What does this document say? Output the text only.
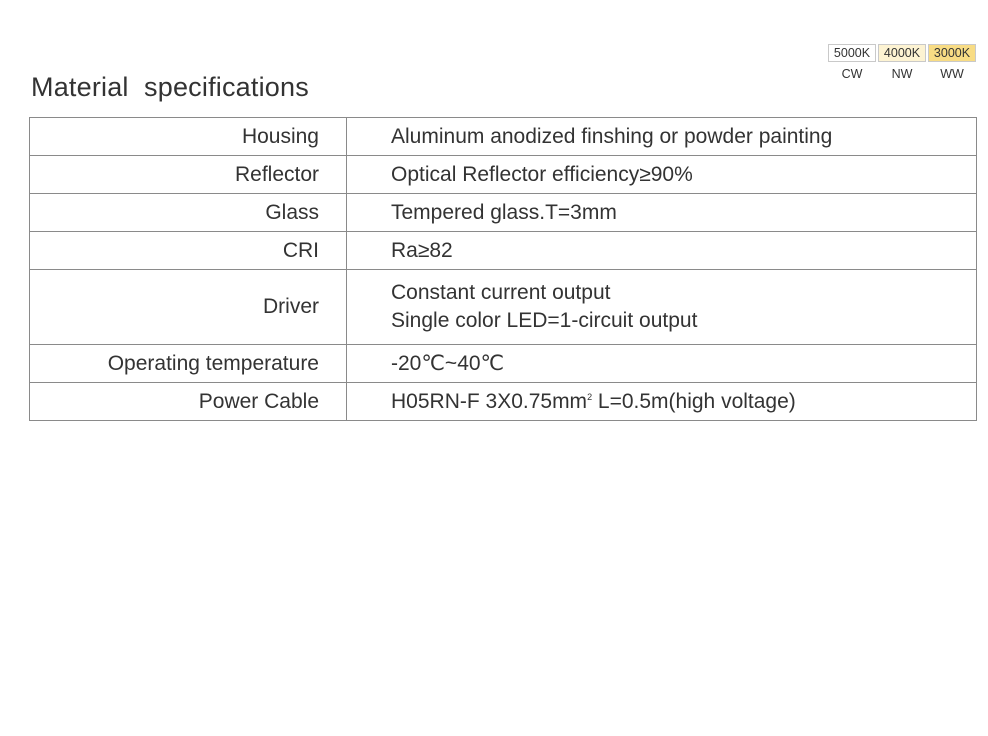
Material  specifications
5000K	4000K	3000K
CW	NW	WW
Housing	Aluminum anodized finshing or powder painting
Reflector	Optical Reflector efficiency≥90%
Glass	Tempered glass.T=3mm
CRI	Ra≥82
Driver	Constant current output
Single color LED=1-circuit output

Operating temperature	-20℃~40℃
Power Cable	H05RN-F $3X0.75mm^2$ L=0.5m(high voltage)
